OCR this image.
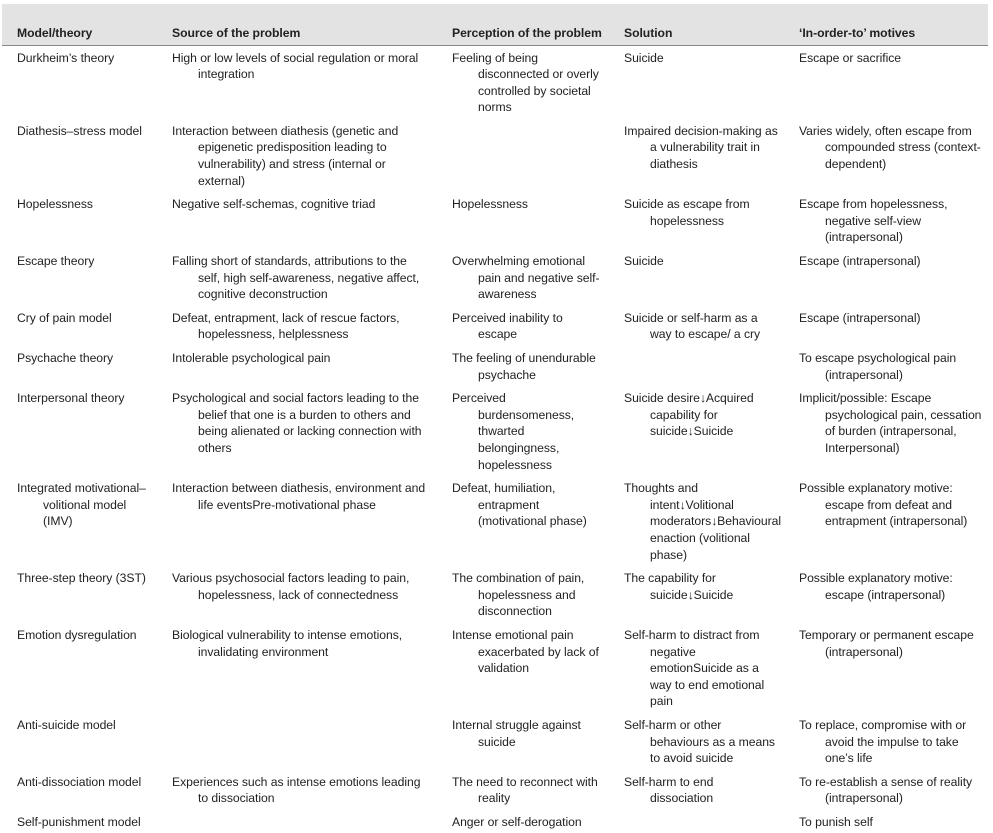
Model/theory	Source of the problem	Perception of the problem	Solution	‘In-order-to’ motives

Durkheim’s theory	High or low levels of social regulation or moral integration	Feeling of being disconnected or overly controlled by societal norms	Suicide	Escape or sacrifice

Diathesis–stress model	Interaction between diathesis (genetic and epigenetic predisposition leading to vulnerability) and stress (internal or external)		Impaired decision-making as a vulnerability trait in diathesis	Varies widely, often escape from compounded stress (context-dependent)

Hopelessness	Negative self-schemas, cognitive triad	Hopelessness	Suicide as escape from hopelessness	Escape from hopelessness, negative self-view (intrapersonal)

Escape theory	Falling short of standards, attributions to the self, high self-awareness, negative affect, cognitive deconstruction	Overwhelming emotional pain and negative self-awareness	Suicide	Escape (intrapersonal)

Cry of pain model	Defeat, entrapment, lack of rescue factors, hopelessness, helplessness	Perceived inability to escape	Suicide or self-harm as a way to escape/ a cry	Escape (intrapersonal)

Psychache theory	Intolerable psychological pain	The feeling of unendurable psychache		To escape psychological pain (intrapersonal)

Interpersonal theory	Psychological and social factors leading to the belief that one is a burden to others and being alienated or lacking connection with others	Perceived burdensomeness, thwarted belongingness, hopelessness	Suicide desire↓Acquired capability for suicide↓Suicide	Implicit/possible: Escape psychological pain, cessation of burden (intrapersonal, Interpersonal)

Integrated motivational–volitional model (IMV)	Interaction between diathesis, environment and life eventsPre-motivational phase	Defeat, humiliation, entrapment (motivational phase)	Thoughts and intent↓Volitional moderators↓Behavioural enaction (volitional phase)	Possible explanatory motive: escape from defeat and entrapment (intrapersonal)

Three-step theory (3ST)	Various psychosocial factors leading to pain, hopelessness, lack of connectedness	The combination of pain, hopelessness and disconnection	The capability for suicide↓Suicide	Possible explanatory motive: escape (intrapersonal)

Emotion dysregulation	Biological vulnerability to intense emotions, invalidating environment	Intense emotional pain exacerbated by lack of validation	Self-harm to distract from negative emotionSuicide as a way to end emotional pain	Temporary or permanent escape (intrapersonal)

Anti-suicide model		Internal struggle against suicide	Self-harm or other behaviours as a means to avoid suicide	To replace, compromise with or avoid the impulse to take one’s life

Anti-dissociation model	Experiences such as intense emotions leading to dissociation	The need to reconnect with reality	Self-harm to end dissociation	To re-establish a sense of reality (intrapersonal)

Self-punishment model		Anger or self-derogation		To punish self
